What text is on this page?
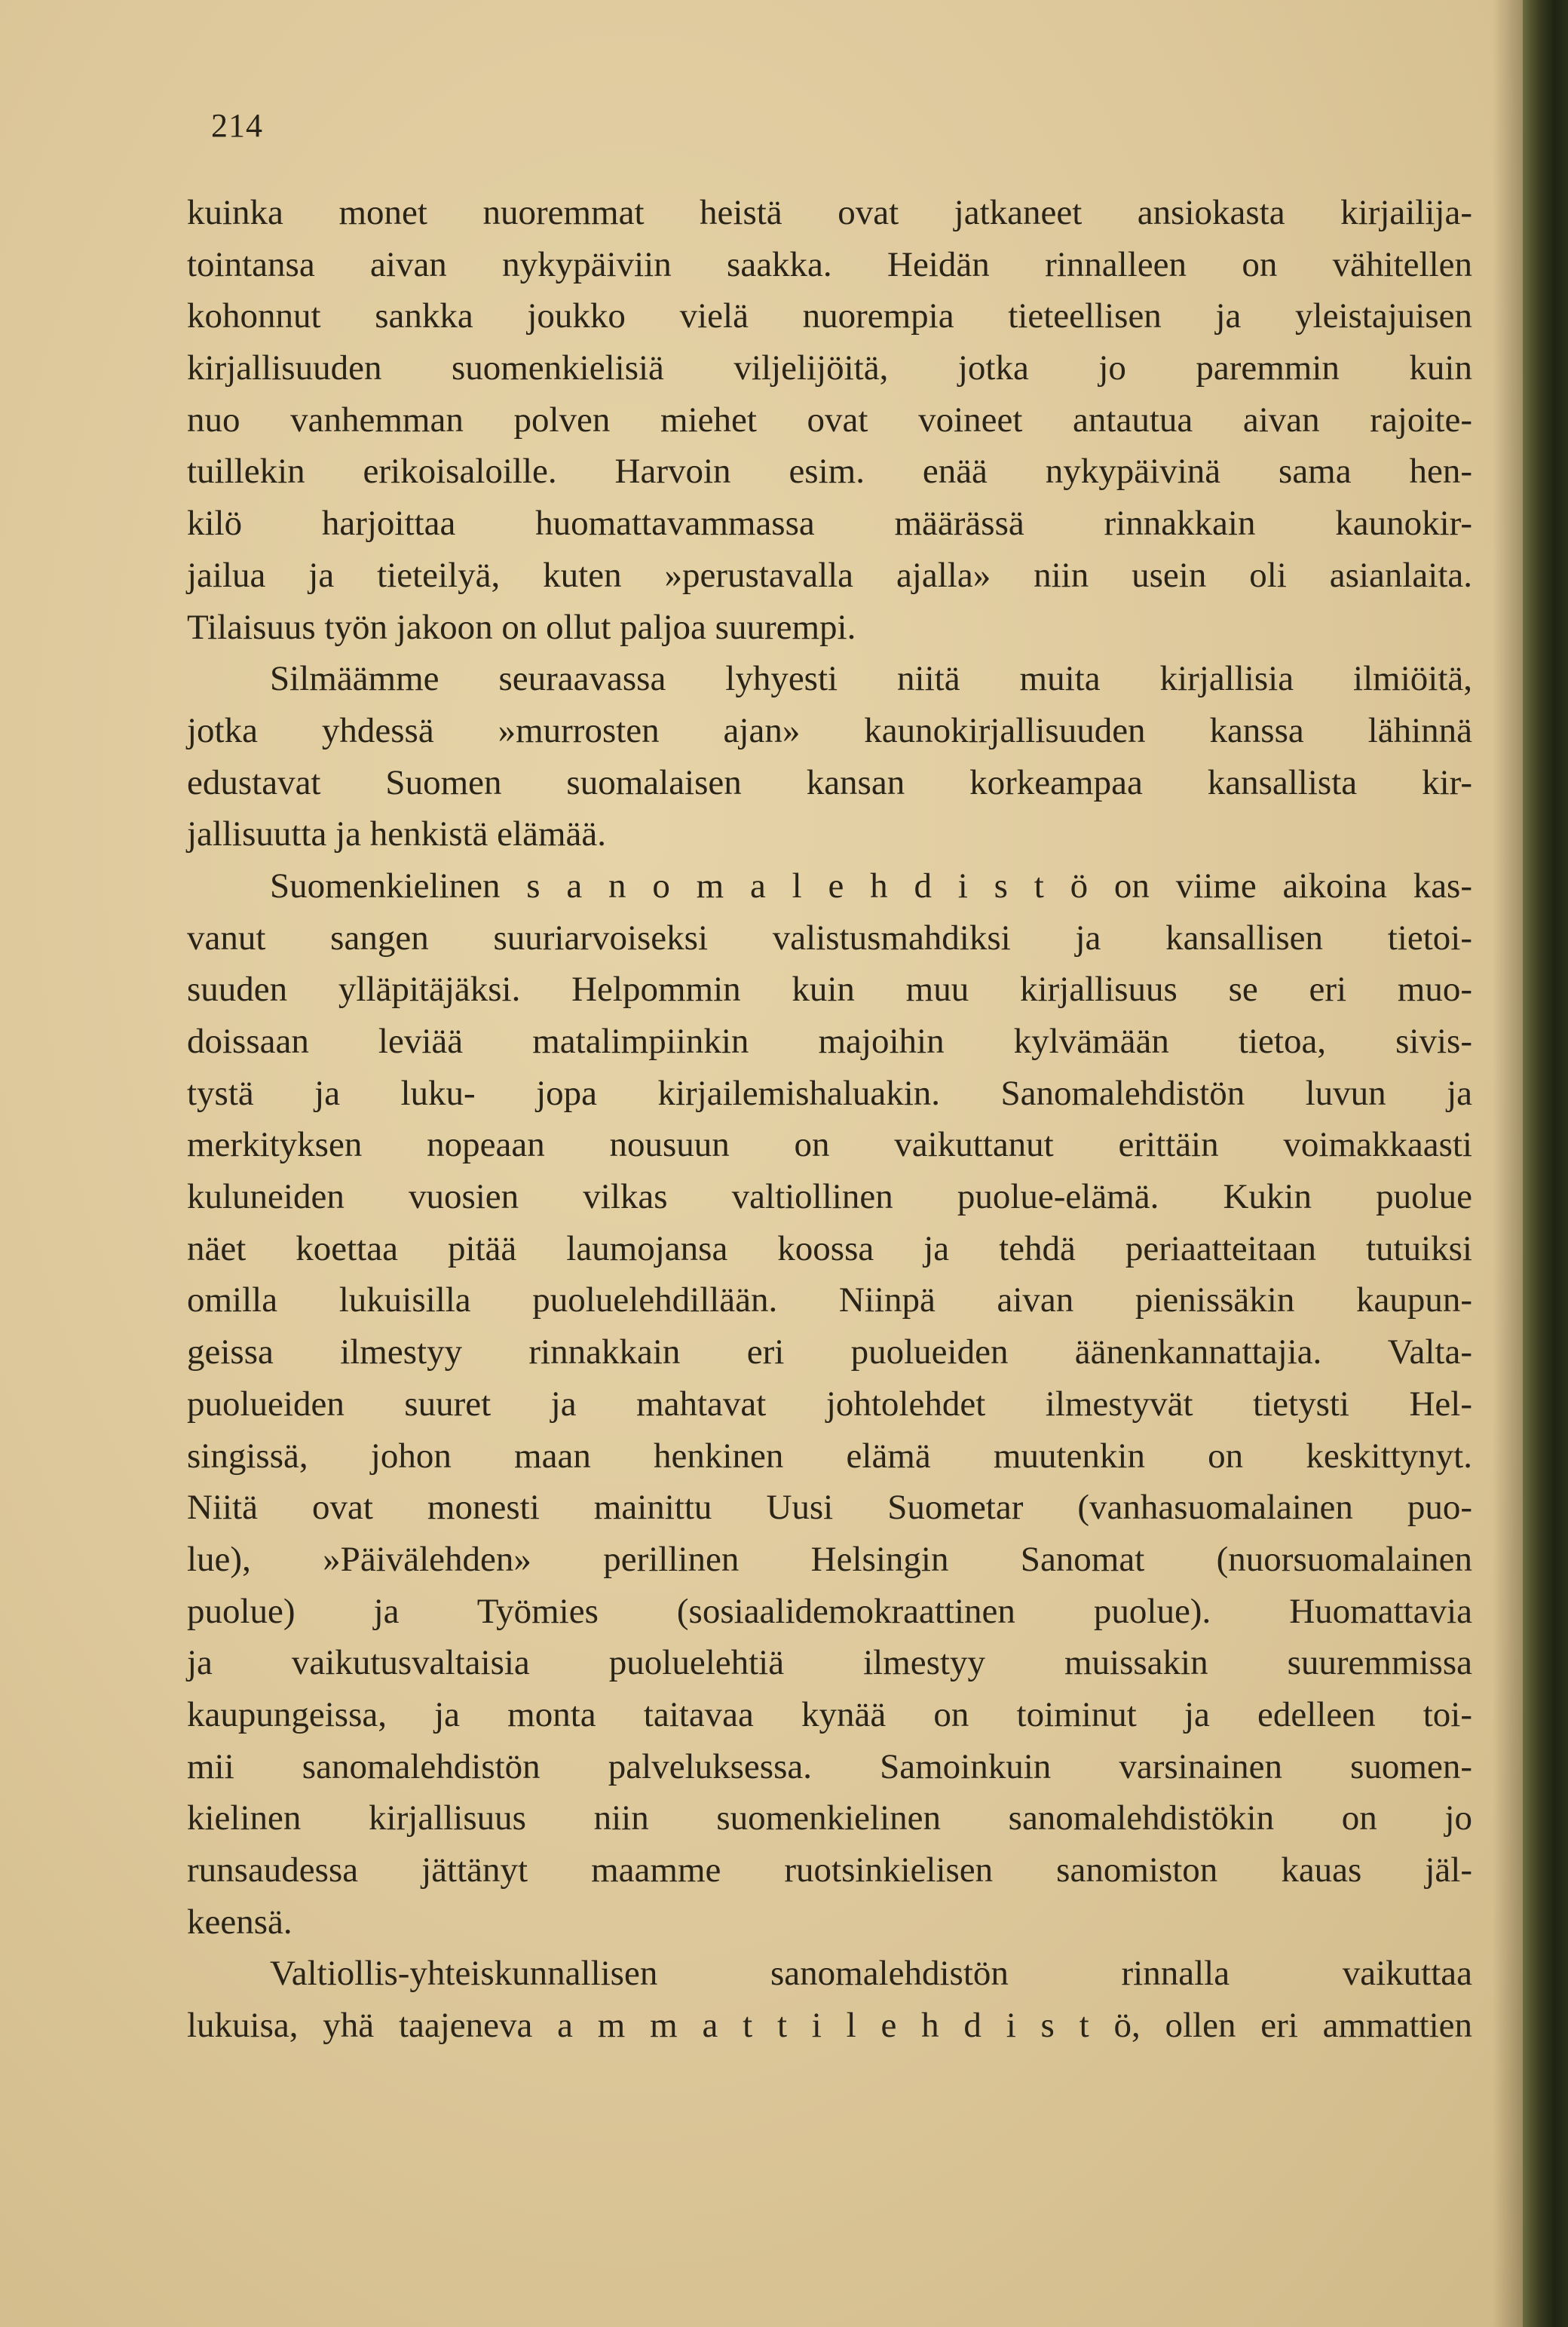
214
kuinka monet nuoremmat heistä ovat jatkaneet ansiokasta kirjailija-
tointansa aivan nykypäiviin saakka. Heidän rinnalleen on vähitellen
kohonnut sankka joukko vielä nuorempia tieteellisen ja yleistajuisen
kirjallisuuden suomenkielisiä viljelijöitä, jotka jo paremmin kuin
nuo vanhemman polven miehet ovat voineet antautua aivan rajoite-
tuillekin erikoisaloille. Harvoin esim. enää nykypäivinä sama hen-
kilö harjoittaa huomattavammassa määrässä rinnakkain kaunokir-
jailua ja tieteilyä, kuten »perustavalla ajalla» niin usein oli asianlaita.
Tilaisuus työn jakoon on ollut paljoa suurempi.
Silmäämme seuraavassa lyhyesti niitä muita kirjallisia ilmiöitä,
jotka yhdessä »murrosten ajan» kaunokirjallisuuden kanssa lähinnä
edustavat Suomen suomalaisen kansan korkeampaa kansallista kir-
jallisuutta ja henkistä elämää.
Suomenkielinen s a n o m a l e h d i s t ö on viime aikoina kas-
vanut sangen suuriarvoiseksi valistusmahdiksi ja kansallisen tietoi-
suuden ylläpitäjäksi. Helpommin kuin muu kirjallisuus se eri muo-
doissaan leviää matalimpiinkin majoihin kylvämään tietoa, sivis-
tystä ja luku- jopa kirjailemishaluakin. Sanomalehdistön luvun ja
merkityksen nopeaan nousuun on vaikuttanut erittäin voimakkaasti
kuluneiden vuosien vilkas valtiollinen puolue-elämä. Kukin puolue
näet koettaa pitää laumojansa koossa ja tehdä periaatteitaan tutuiksi
omilla lukuisilla puoluelehdillään. Niinpä aivan pienissäkin kaupun-
geissa ilmestyy rinnakkain eri puolueiden äänenkannattajia. Valta-
puolueiden suuret ja mahtavat johtolehdet ilmestyvät tietysti Hel-
singissä, johon maan henkinen elämä muutenkin on keskittynyt.
Niitä ovat monesti mainittu Uusi Suometar (vanhasuomalainen puo-
lue), »Päivälehden» perillinen Helsingin Sanomat (nuorsuomalainen
puolue) ja Työmies (sosiaalidemokraattinen puolue). Huomattavia
ja vaikutusvaltaisia puoluelehtiä ilmestyy muissakin suuremmissa
kaupungeissa, ja monta taitavaa kynää on toiminut ja edelleen toi-
mii sanomalehdistön palveluksessa. Samoinkuin varsinainen suomen-
kielinen kirjallisuus niin suomenkielinen sanomalehdistökin on jo
runsaudessa jättänyt maamme ruotsinkielisen sanomiston kauas jäl-
keensä.
Valtiollis-yhteiskunnallisen sanomalehdistön rinnalla vaikuttaa
lukuisa, yhä taajeneva a m m a t t i l e h d i s t ö, ollen eri ammattien
